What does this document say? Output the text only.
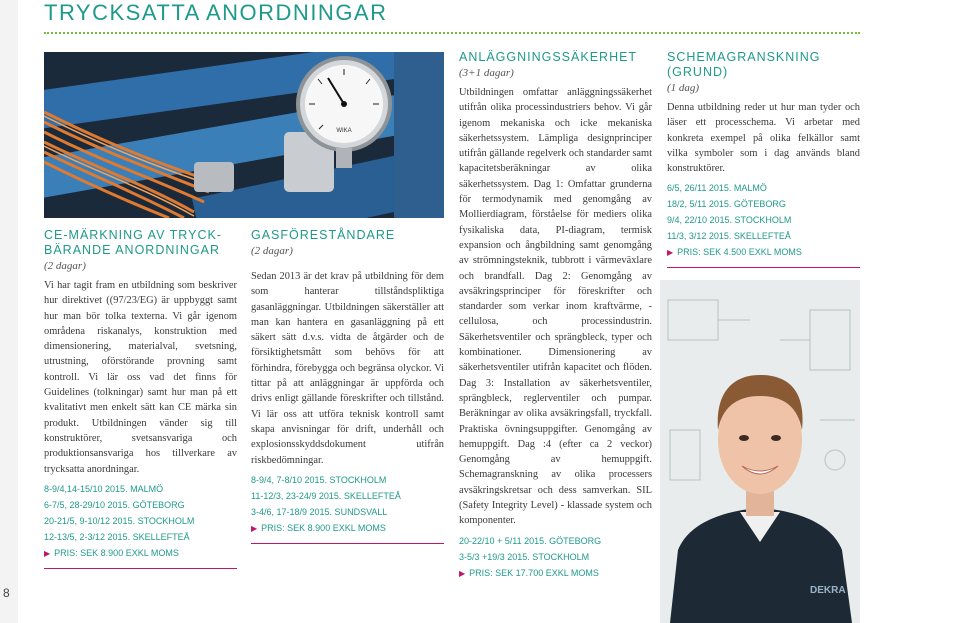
TRYCKSATTA ANORDNINGAR
WIKA
CE-MÄRKNING AV TRYCK-
BÄRANDE ANORDNINGAR
(2 dagar)

Vi har tagit fram en utbildning som beskriver hur direktivet ((97/23/EG) är uppbyggt samt hur man bör tolka texterna. Vi går igenom områdena riskanalys, konstruktion med dimensionering, materialval, svetsning, utrustning, oförstörande provning samt kontroll. Vi lär oss vad det finns för Guidelines (tolkningar) samt hur man på ett kvalitativt men enkelt sätt kan CE märka sin produkt. Utbildningen vänder sig till konstruktörer, svetsansvariga och produktionsansvariga hos tillverkare av trycksatta anordningar.

8-9/4,14-15/10 2015. MALMÖ
6-7/5, 28-29/10 2015. GÖTEBORG
20-21/5, 9-10/12 2015. STOCKHOLM
12-13/5, 2-3/12 2015. SKELLEFTEÅ
▶ PRIS: SEK 8.900 EXKL MOMS
GASFÖRESTÅNDARE
(2 dagar)

Sedan 2013 är det krav på utbildning för dem som hanterar tillståndspliktiga gasanläggningar. Utbildningen säkerställer att man kan hantera en gasanläggning på ett säkert sätt d.v.s. vidta de åtgärder och de försiktighetsmått som behövs för att förhindra, förebygga och begränsa olyckor. Vi tittar på att anläggningar är uppförda och drivs enligt gällande föreskrifter och tillstånd. Vi lär oss att utföra teknisk kontroll samt skapa anvisningar för drift, underhåll och explosionsskyddsdokument utifrån riskbedömningar.

8-9/4, 7-8/10 2015. STOCKHOLM
11-12/3, 23-24/9 2015. SKELLEFTEÅ
3-4/6, 17-18/9 2015. SUNDSVALL
▶ PRIS: SEK 8.900 EXKL MOMS
ANLÄGGNINGSSÄKERHET
(3+1 dagar)

Utbildningen omfattar anläggningssäkerhet utifrån olika processindustriers behov. Vi går igenom mekaniska och icke mekaniska säkerhetssystem. Lämpliga designprinciper utifrån gällande regelverk och standarder samt kapacitetsberäkningar av olika säkerhetssystem. Dag 1: Omfattar grunderna för termodynamik med genomgång av Mollierdiagram, förståelse för mediers olika fysikaliska data, PI-diagram, termisk expansion och ångbildning samt genomgång av strömningsteknik, tubbrott i värmeväxlare och brandfall. Dag 2: Genomgång av avsäkringsprinciper för föreskrifter och standarder som verkar inom kraftvärme, -cellulosa, och processindustrin. Säkerhetsventiler och sprängbleck, typer och kombinationer. Dimensionering av säkerhetsventiler utifrån kapacitet och flöden. Dag 3: Installation av säkerhetsventiler, sprängbleck, reglerventiler och pumpar. Beräkningar av olika avsäkringsfall, tryckfall. Praktiska övningsuppgifter. Genomgång av hemuppgift. Dag :4 (efter ca 2 veckor) Genomgång av hemuppgift. Schemagranskning av olika processers avsäkringskretsar och dess samverkan. SIL (Safety Integrity Level) - klassade system och komponenter.

20-22/10 + 5/11 2015. GÖTEBORG
3-5/3 +19/3 2015. STOCKHOLM
▶ PRIS: SEK 17.700 EXKL MOMS
SCHEMAGRANSKNING
(GRUND)
(1 dag)

Denna utbildning reder ut hur man tyder och läser ett processchema. Vi arbetar med konkreta exempel på olika felkällor samt vilka symboler som i dag används bland konstruktörer.

6/5, 26/11 2015. MALMÖ
18/2, 5/11 2015. GÖTEBORG
9/4, 22/10 2015. STOCKHOLM
11/3, 3/12 2015. SKELLEFTEÅ
▶ PRIS: SEK 4.500 EXKL MOMS
DEKRA
8
